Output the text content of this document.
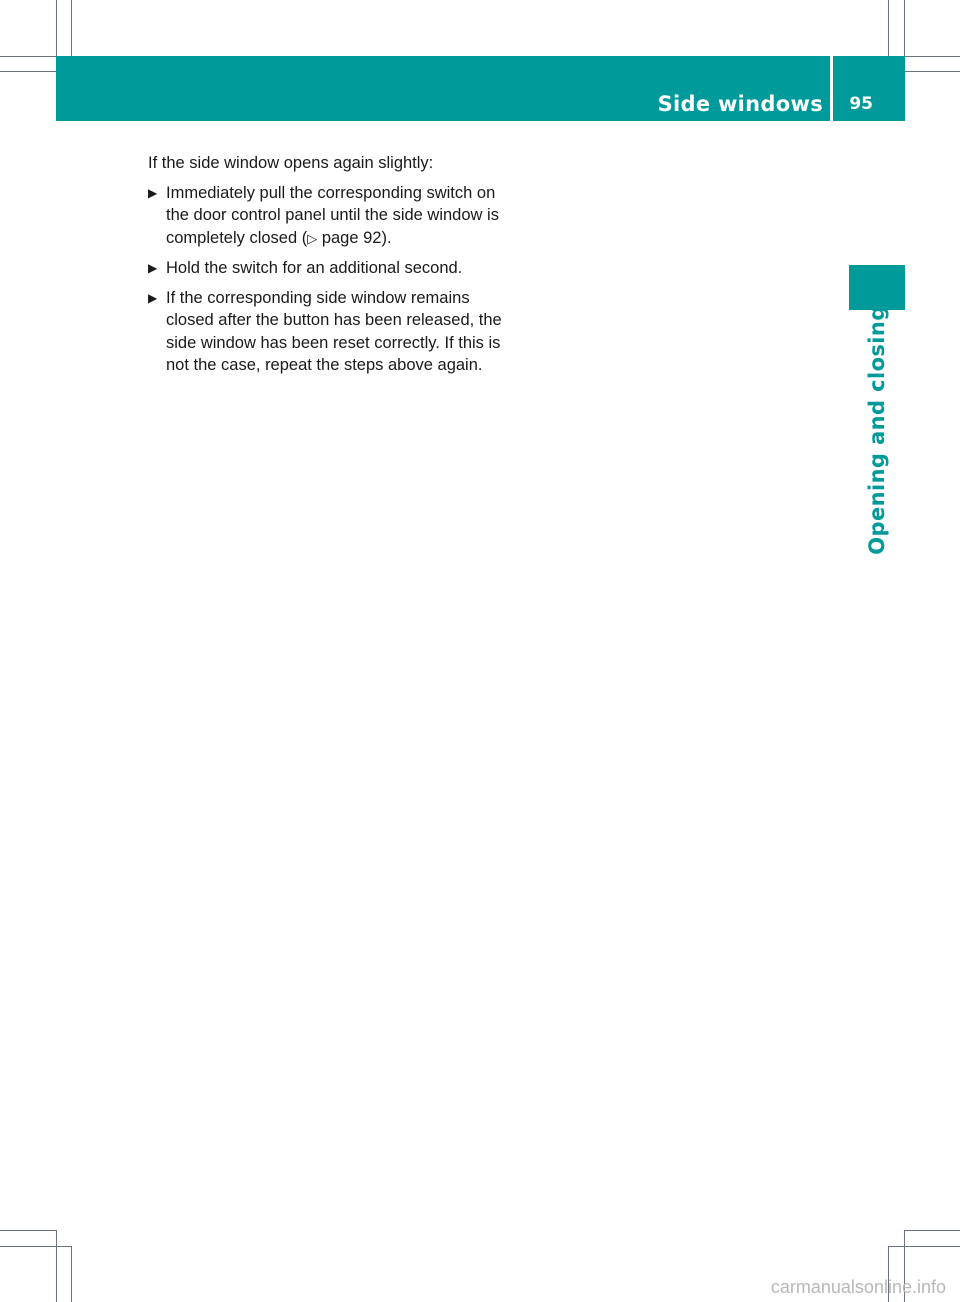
Side windows 95
Opening and closing

If the side window opens again slightly:

▶ Immediately pull the corresponding switch on the door control panel until the side window is completely closed (▷ page 92).
▶ Hold the switch for an additional second.
▶ If the corresponding side window remains closed after the button has been released, the side window has been reset correctly. If this is not the case, repeat the steps above again.
carmanualsonline.info
